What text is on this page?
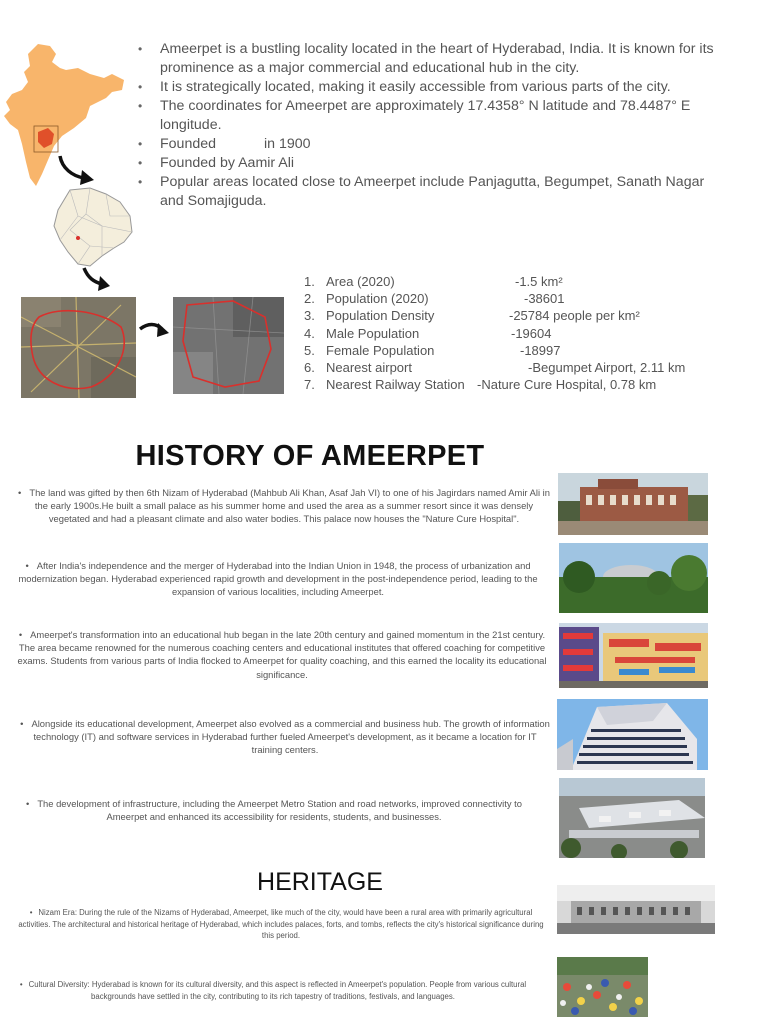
• Ameerpet is a bustling locality located in the heart of Hyderabad, India. It is known for its prominence as a major commercial and educational hub in the city.
• It is strategically located, making it easily accessible from various parts of the city.
• The coordinates for Ameerpet are approximately 17.4358° N latitude and 78.4487° E longitude.
• Founded	in 1900
• Founded by Aamir Ali
• Popular areas located close to Ameerpet include Panjagutta, Begumpet, Sanath Nagar and Somajiguda.
1. Area (2020)	-1.5 km²
2. Population (2020)	-38601
3. Population Density	-25784 people per km²
4. Male Population	-19604
5. Female Population	-18997
6. Nearest airport	-Begumpet Airport, 2.11 km
7. Nearest Railway Station -Nature Cure Hospital, 0.78 km
HISTORY OF AMEERPET
• The land was gifted by then 6th Nizam of Hyderabad (Mahbub Ali Khan, Asaf Jah VI) to one of his Jagirdars named Amir Ali in the early 1900s.He built a small palace as his summer home and used the area as a summer resort since it was densely vegetated and had a pleasant climate and also water bodies. This palace now houses the "Nature Cure Hospital".
• After India's independence and the merger of Hyderabad into the Indian Union in 1948, the process of urbanization and modernization began. Hyderabad experienced rapid growth and development in the post-independence period, leading to the expansion of various localities, including Ameerpet.
• Ameerpet's transformation into an educational hub began in the late 20th century and gained momentum in the 21st century. The area became renowned for the numerous coaching centers and educational institutes that offered coaching for competitive exams. Students from various parts of India flocked to Ameerpet for quality coaching, and this earned the locality its educational significance.
• Alongside its educational development, Ameerpet also evolved as a commercial and business hub. The growth of information technology (IT) and software services in Hyderabad further fueled Ameerpet's development, as it became a location for IT training centers.
• The development of infrastructure, including the Ameerpet Metro Station and road networks, improved connectivity to Ameerpet and enhanced its accessibility for residents, students, and businesses.
HERITAGE
• Nizam Era: During the rule of the Nizams of Hyderabad, Ameerpet, like much of the city, would have been a rural area with primarily agricultural activities. The architectural and historical heritage of Hyderabad, which includes palaces, forts, and tombs, reflects the city's historical significance during this period.
• Cultural Diversity: Hyderabad is known for its cultural diversity, and this aspect is reflected in Ameerpet's population. People from various cultural backgrounds have settled in the city, contributing to its rich tapestry of traditions, festivals, and languages.
